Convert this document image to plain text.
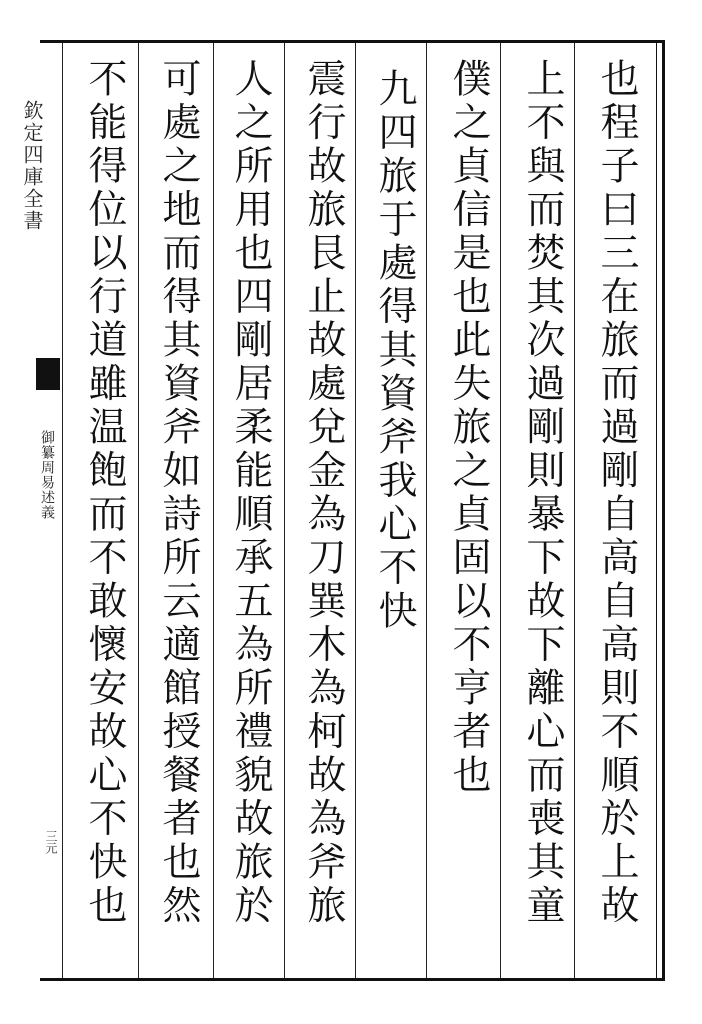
欽定四庫全書
御纂周易述義
三元	也程子曰三在旅而過剛自高自高則不順於上故
上不與而焚其次過剛則暴下故下離心而喪其童
僕之貞信是也此失旅之貞固以不亨者也
九四旅于處得其資斧我心不快
震行故旅艮止故處兌金為刀巽木為柯故為斧旅
人之所用也四剛居柔能順承五為所禮貌故旅於
可處之地而得其資斧如詩所云適館授餐者也然
不能得位以行道雖温飽而不敢懷安故心不快也
